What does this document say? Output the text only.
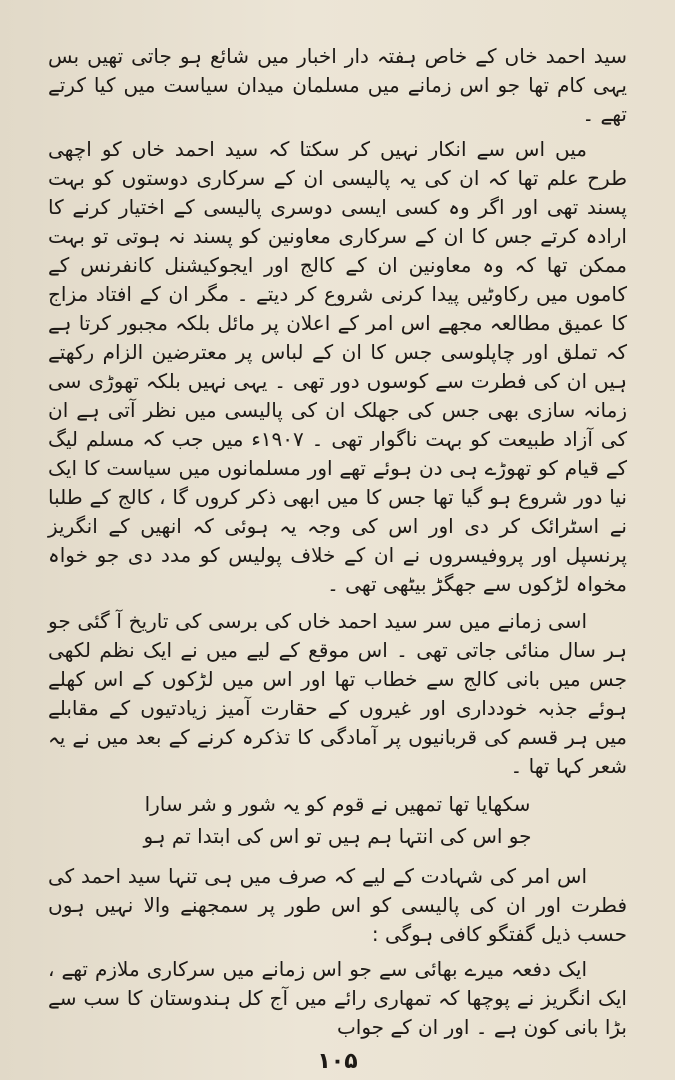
سید احمد خاں کے خاص ہفتہ دار اخبار میں شائع ہو جاتی تھیں بس یہی کام تھا جو اس زمانے میں مسلمان میدان سیاست میں کیا کرتے تھے ۔

میں اس سے انکار نہیں کر سکتا کہ سید احمد خاں کو اچھی طرح علم تھا کہ ان کی یہ پالیسی ان کے سرکاری دوستوں کو بہت پسند تھی اور اگر وہ کسی ایسی دوسری پالیسی کے اختیار کرنے کا ارادہ کرتے جس کا ان کے سرکاری معاونین کو پسند نہ ہوتی تو بہت ممکن تھا کہ وہ معاونین ان کے کالج اور ایجوکیشنل کانفرنس کے کاموں میں رکاوٹیں پیدا کرنی شروع کر دیتے ۔ مگر ان کے افتاد مزاج کا عمیق مطالعہ مجھے اس امر کے اعلان پر مائل بلکہ مجبور کرتا ہے کہ تملق اور چاپلوسی جس کا ان کے لباس پر معترضین الزام رکھتے ہیں ان کی فطرت سے کوسوں دور تھی ۔ یہی نہیں بلکہ تھوڑی سی زمانہ سازی بھی جس کی جھلک ان کی پالیسی میں نظر آتی ہے ان کی آزاد طبیعت کو بہت ناگوار تھی ۔ ۱۹۰۷ء میں جب کہ مسلم لیگ کے قیام کو تھوڑے ہی دن ہوئے تھے اور مسلمانوں میں سیاست کا ایک نیا دور شروع ہو گیا تھا جس کا میں ابھی ذکر کروں گا ، کالج کے طلبا نے اسٹرائک کر دی اور اس کی وجہ یہ ہوئی کہ انھیں کے انگریز پرنسپل اور پروفیسروں نے ان کے خلاف پولیس کو مدد دی جو خواہ مخواہ لڑکوں سے جھگڑ بیٹھی تھی ۔

اسی زمانے میں سر سید احمد خاں کی برسی کی تاریخ آ گئی جو ہر سال منائی جاتی تھی ۔ اس موقع کے لیے میں نے ایک نظم لکھی جس میں بانی کالج سے خطاب تھا اور اس میں لڑکوں کے اس کھلے ہوئے جذبہ خودداری اور غیروں کے حقارت آمیز زیادتیوں کے مقابلے میں ہر قسم کی قربانیوں پر آمادگی کا تذکرہ کرنے کے بعد میں نے یہ شعر کہا تھا ۔

سکھایا تھا تمھیں نے قوم کو یہ شور و شر سارا
جو اس کی انتہا ہم ہیں تو اس کی ابتدا تم ہو

اس امر کی شہادت کے لیے کہ صرف میں ہی تنہا سید احمد کی فطرت اور ان کی پالیسی کو اس طور پر سمجھنے والا نہیں ہوں حسب ذیل گفتگو کافی ہوگی :

ایک دفعہ میرے بھائی سے جو اس زمانے میں سرکاری ملازم تھے ، ایک انگریز نے پوچھا کہ تمھاری رائے میں آج کل ہندوستان کا سب سے بڑا بانی کون ہے ۔ اور ان کے جواب

۱۰۵
